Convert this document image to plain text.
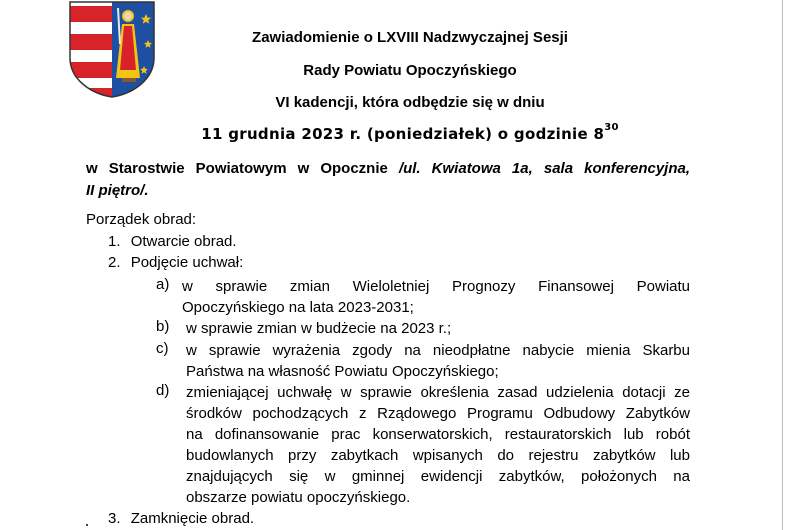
Zawiadomienie o LXVIII Nadzwyczajnej Sesji
Rady Powiatu Opoczyńskiego
VI kadencji, która odbędzie się w dniu
11 grudnia 2023 r. (poniedziałek) o godzinie $8^{30}$
w Starostwie Powiatowym w Opocznie /ul. Kwiatowa 1a, sala konferencyjna,
II piętro/.
Porządek obrad:
1. Otwarcie obrad.
2. Podjęcie uchwał:
a) w sprawie zmian Wieloletniej Prognozy Finansowej Powiatu
Opoczyńskiego na lata 2023-2031;
b) w sprawie zmian w budżecie na 2023 r.;
c) w sprawie wyrażenia zgody na nieodpłatne nabycie mienia Skarbu
Państwa na własność Powiatu Opoczyńskiego;
d) zmieniającej uchwałę w sprawie określenia zasad udzielenia dotacji ze
środków pochodzących z Rządowego Programu Odbudowy Zabytków
na dofinansowanie prac konserwatorskich, restauratorskich lub robót
budowlanych przy zabytkach wpisanych do rejestru zabytków lub
znajdujących się w gminnej ewidencji zabytków, położonych na
obszarze powiatu opoczyńskiego.
3. Zamknięcie obrad.
